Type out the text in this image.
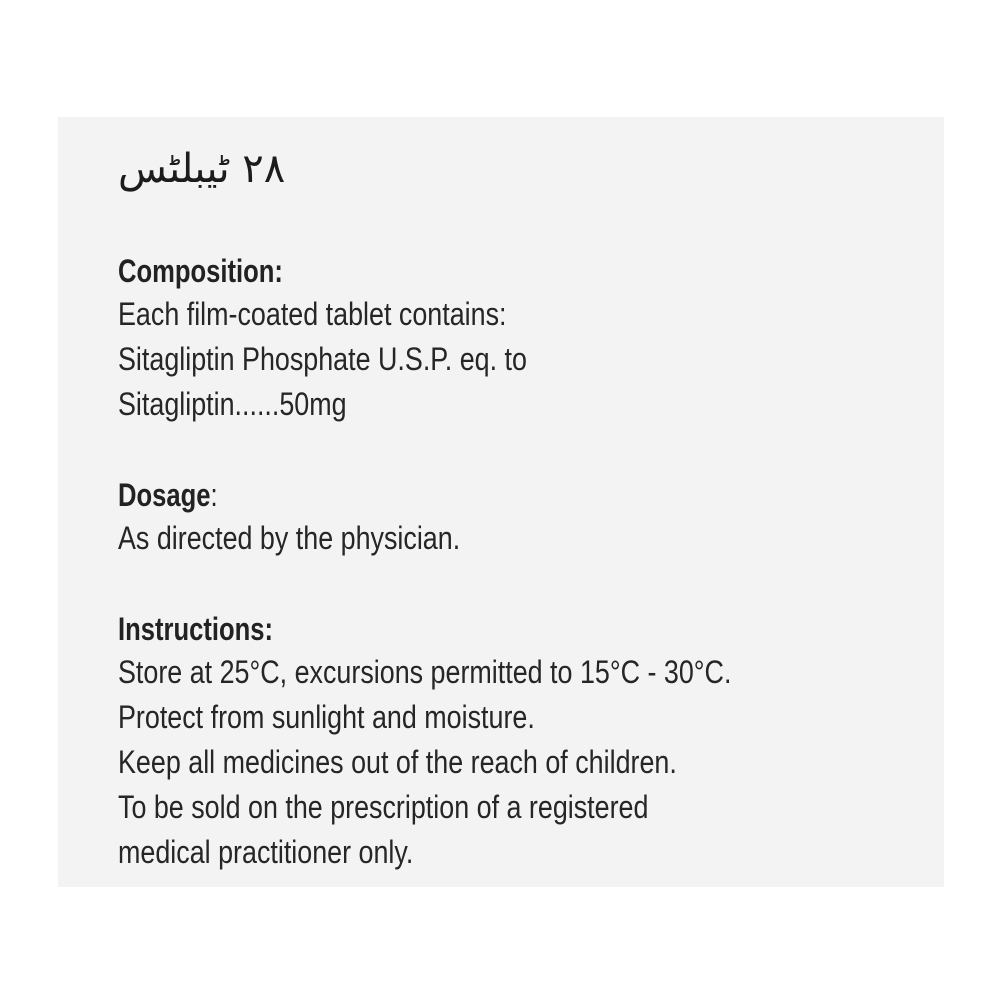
٢٨ ٹیبلٹس
Composition:
Each film-coated tablet contains:
Sitagliptin Phosphate U.S.P. eq. to
Sitagliptin......50mg
Dosage:
As directed by the physician.
Instructions:
Store at 25°C, excursions permitted to 15°C - 30°C.
Protect from sunlight and moisture.
Keep all medicines out of the reach of children.
To be sold on the prescription of a registered
medical practitioner only.
